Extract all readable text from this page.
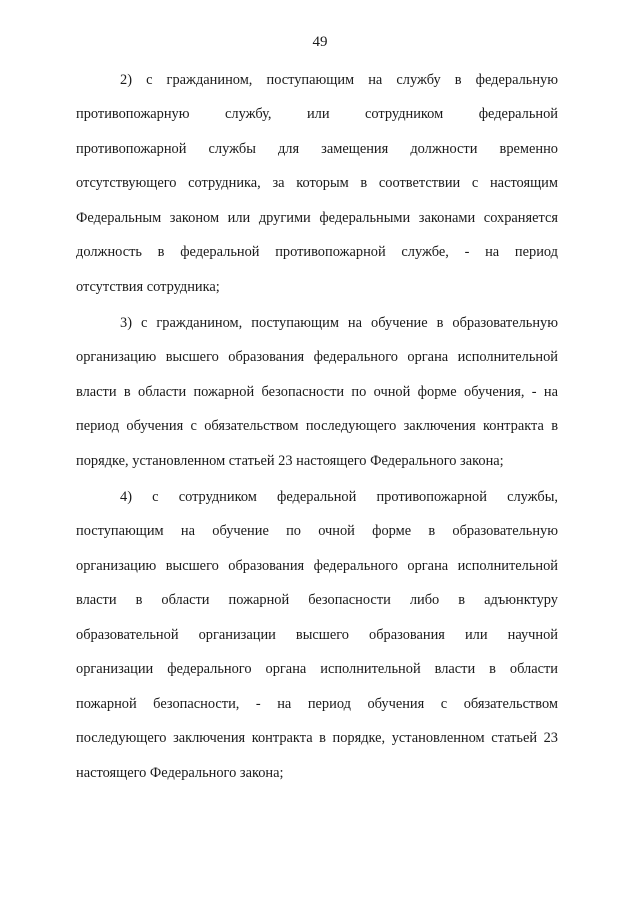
49
2) с гражданином, поступающим на службу в федеральную
противопожарную службу, или сотрудником федеральной
противопожарной службы для замещения должности временно
отсутствующего сотрудника, за которым в соответствии с настоящим
Федеральным законом или другими федеральными законами сохраняется
должность в федеральной противопожарной службе, - на период
отсутствия сотрудника;
3) с гражданином, поступающим на обучение в образовательную
организацию высшего образования федерального органа исполнительной
власти в области пожарной безопасности по очной форме обучения, - на
период обучения с обязательством последующего заключения контракта в
порядке, установленном статьей 23 настоящего Федерального закона;
4) с сотрудником федеральной противопожарной службы,
поступающим на обучение по очной форме в образовательную
организацию высшего образования федерального органа исполнительной
власти в области пожарной безопасности либо в адъюнктуру
образовательной организации высшего образования или научной
организации федерального органа исполнительной власти в области
пожарной безопасности, - на период обучения с обязательством
последующего заключения контракта в порядке, установленном статьей 23
настоящего Федерального закона;
